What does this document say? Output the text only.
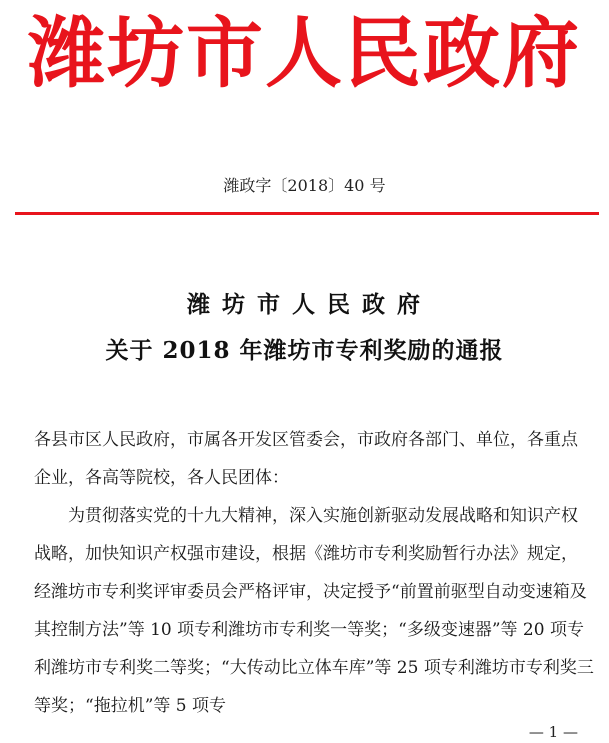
潍坊市人民政府
潍政字〔2018〕40 号
潍 坊 市 人 民 政 府
关于 2018 年潍坊市专利奖励的通报
各县市区人民政府，市属各开发区管委会，市政府各部门、单位，各重点企业，各高等院校，各人民团体：
为贯彻落实党的十九大精神，深入实施创新驱动发展战略和知识产权战略，加快知识产权强市建设，根据《潍坊市专利奖励暂行办法》规定，经潍坊市专利奖评审委员会严格评审，决定授予“前置前驱型自动变速箱及其控制方法”等 10 项专利潍坊市专利奖一等奖；“多级变速器”等 20 项专利潍坊市专利奖二等奖；“大传动比立体车库”等 25 项专利潍坊市专利奖三等奖；“拖拉机”等 5 项专
— 1 —
